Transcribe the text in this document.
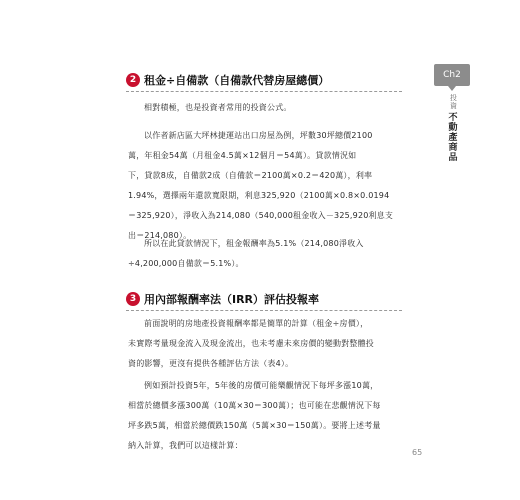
Ch2
投資
不動產商品
2 租金÷自備款（自備款代替房屋總價）
相對積極，也是投資者常用的投資公式。
以作者新店區大坪林捷運站出口房屋為例，坪數30坪總價2100
萬，年租金54萬（月租金4.5萬×12個月＝54萬）。貸款情況如
下，貸款8成，自備款2成（自備款＝2100萬×0.2＝420萬），利率
1.94%，選擇兩年還款寬限期，利息325,920（2100萬×0.8×0.0194
＝325,920），淨收入為214,080（540,000租金收入－325,920利息支
出＝214,080）。
所以在此貸款情況下，租金報酬率為5.1%（214,080淨收入
÷4,200,000自備款＝5.1%）。
3 用內部報酬率法（IRR）評估投報率
前面說明的房地產投資報酬率都是簡單的計算（租金÷房價），
未實際考量現金流入及現金流出，也未考慮未來房價的變動對整體投
資的影響，更沒有提供各種評估方法（表4）。
例如預計投資5年，5年後的房價可能樂觀情況下每坪多漲10萬，
相當於總價多漲300萬（10萬×30＝300萬）；也可能在悲觀情況下每
坪多跌5萬，相當於總價跌150萬（5萬×30＝150萬）。要將上述考量
納入計算，我們可以這樣計算：
65
